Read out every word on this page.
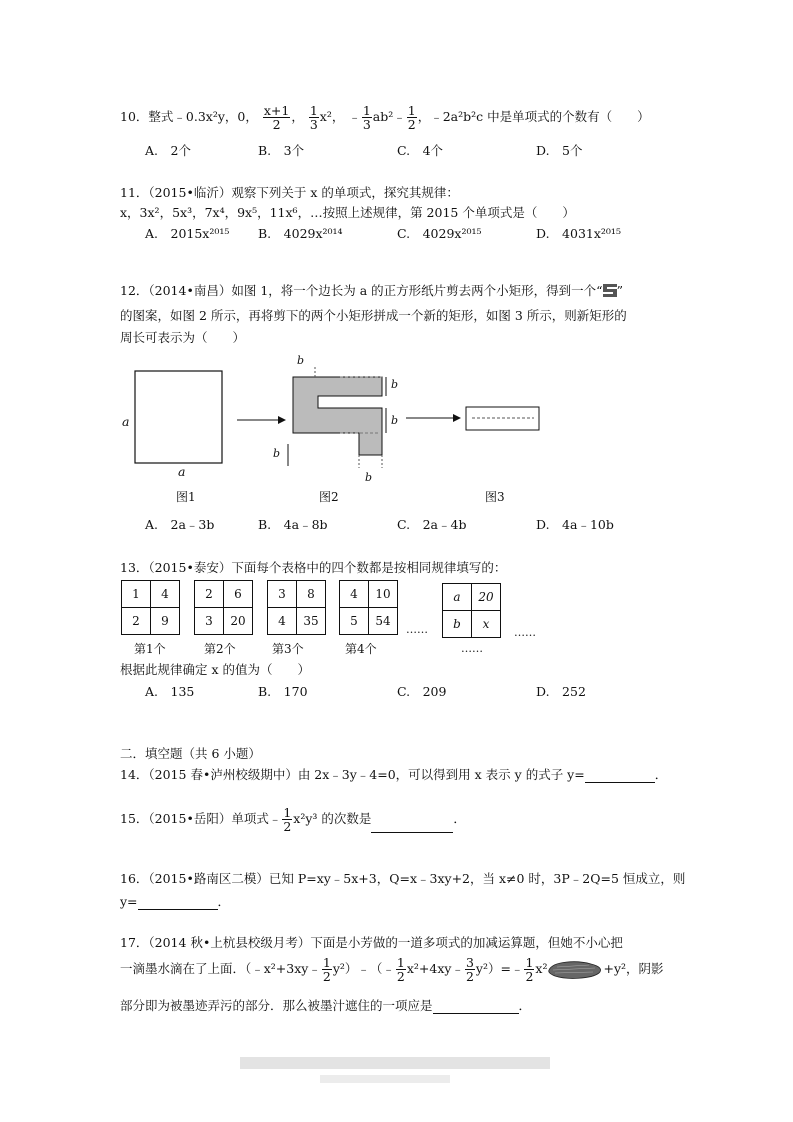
10．整式﹣0.3x²y，0， $\frac{x+1}{2}$ ， $\frac{1}{3} x^2$， ﹣ $\frac{1}{3}$ ab²﹣ $\frac{1}{2}$ ，﹣2a²b²c 中是单项式的个数有（　　）
A.　2个	B.　3个	C.　4个	D.　5个
11．（2015•临沂）观察下列关于 x 的单项式，探究其规律：
x，3x²，5x³，7x⁴，9x⁵，11x⁶，…按照上述规律，第 2015 个单项式是（　　）
A.　2015x²⁰¹⁵ B.　4029x²⁰¹⁴	C.　4029x²⁰¹⁵	D.　4031x²⁰¹⁵
12．（2014•南昌）如图 1，将一个边长为 a 的正方形纸片剪去两个小矩形，得到一个“ ”
的图案，如图 2 所示，再将剪下的两个小矩形拼成一个新的矩形，如图 3 所示，则新矩形的
周长可表示为（　　）
a
a
b
b
b
b
b
图1	图2	图3
A.　2a﹣3b	B.　4a﹣8b	C.　2a﹣4b	D.　4a﹣10b
13．（2015•泰安）下面每个表格中的四个数都是按相同规律填写的：
1	4
2	9
2	6
3	20
3	8
4	35
4	10
5	54
a	20
b	x
第1个	第2个	第3个	第4个
……
……
……
根据此规律确定 x 的值为（　　）
A.　135	B.　170	C.　209	D.　252
二．填空题（共 6 小题）
14．（2015 春•泸州校级期中）由 2x﹣3y﹣4=0，可以得到用 x 表示 y 的式子 y=	．
15．（2015•岳阳）单项式﹣ $\frac{1}{2} x^2y^3$ 的次数是	．
16．（2015•路南区二模）已知 P=xy﹣5x+3，Q=x﹣3xy+2，当 x≠0 时，3P﹣2Q=5 恒成立，则
y=	．
17．（2014 秋•上杭县校级月考）下面是小芳做的一道多项式的加减运算题，但她不小心把
一滴墨水滴在了上面．（﹣x²+3xy﹣ $\frac{1}{2}$ y²）﹣（﹣ $\frac{1}{2}$ x²+4xy﹣ $\frac{3}{2}$ y²）=﹣ $\frac{1}{2} x^2$	+y²，阴影
部分即为被墨迹弄污的部分．那么被墨汁遮住的一项应是	．
